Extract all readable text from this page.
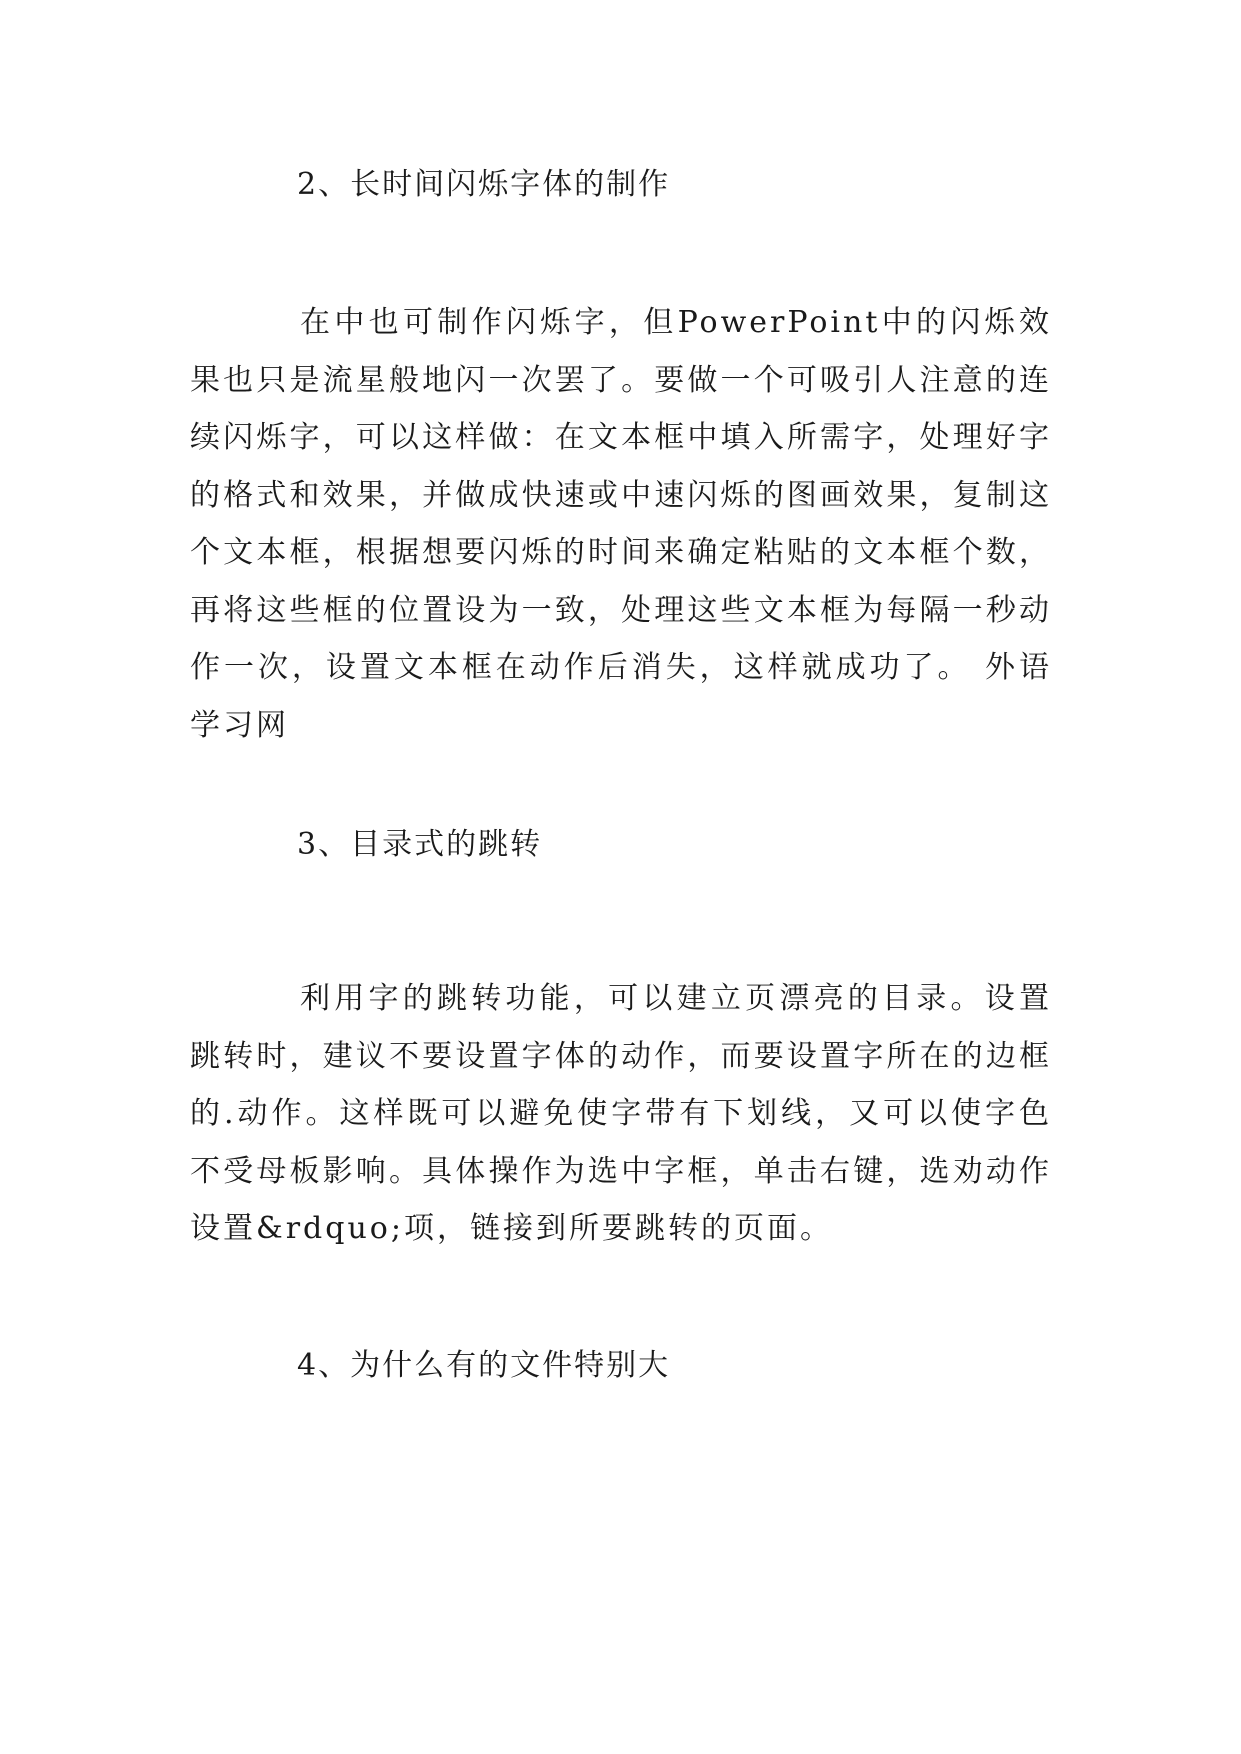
2、长时间闪烁字体的制作

在中也可制作闪烁字，但PowerPoint中的闪烁效果也只是流星般地闪一次罢了。要做一个可吸引人注意的连续闪烁字，可以这样做：在文本框中填入所需字，处理好字的格式和效果，并做成快速或中速闪烁的图画效果，复制这个文本框，根据想要闪烁的时间来确定粘贴的文本框个数，再将这些框的位置设为一致，处理这些文本框为每隔一秒动作一次，设置文本框在动作后消失，这样就成功了。 外语学习网

3、目录式的跳转

利用字的跳转功能，可以建立页漂亮的目录。设置跳转时，建议不要设置字体的动作，而要设置字所在的边框的.动作。这样既可以避免使字带有下划线，又可以使字色不受母板影响。具体操作为选中字框，单击右键，选劝动作设置&rdquo;项，链接到所要跳转的页面。

4、为什么有的文件特别大
